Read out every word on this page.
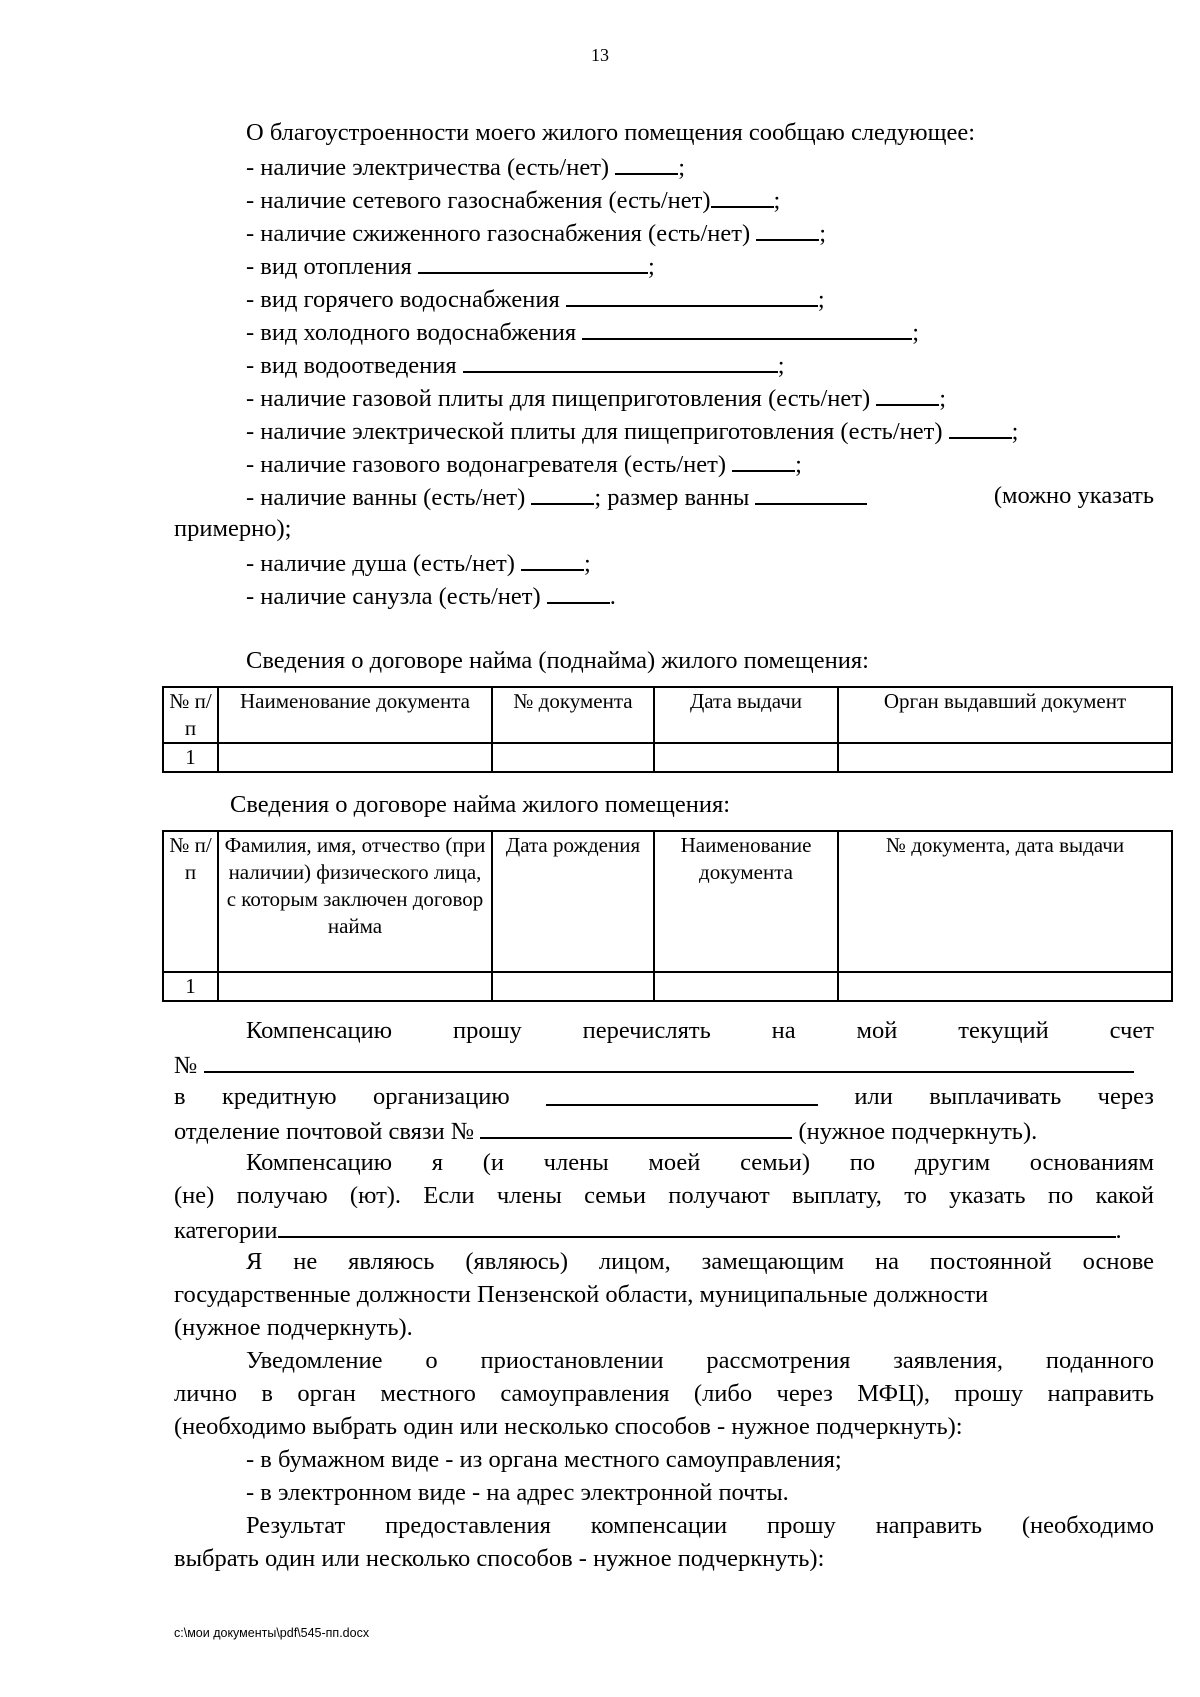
13
О благоустроенности моего жилого помещения сообщаю следующее:
- наличие электричества (есть/нет)	;
- наличие сетевого газоснабжения (есть/нет)	;
- наличие сжиженного газоснабжения (есть/нет)	;
- вид отопления	;
- вид горячего водоснабжения	;
- вид холодного водоснабжения	;
- вид водоотведения	;
- наличие газовой плиты для пищеприготовления (есть/нет)	;
- наличие электрической плиты для пищеприготовления (есть/нет)	;
- наличие газового водонагревателя (есть/нет)	;
- наличие ванны (есть/нет)	; размер ванны	(можно указать
примерно);
- наличие душа (есть/нет)	;
- наличие санузла (есть/нет)	.
Сведения о договоре найма (поднайма) жилого помещения:
№ п/п	Наименование документа	№ документа	Дата выдачи	Орган выдавший документ
1				
Сведения о договоре найма жилого помещения:
№ п/п	Фамилия, имя, отчество (при наличии) физического лица, с которым заключен договор найма	Дата рождения	Наименование документа	№ документа, дата выдачи
1				
Компенсацию прошу перечислять на мой текущий счет
№
в кредитную организацию	или выплачивать через
отделение почтовой связи №	(нужное подчеркнуть).
Компенсацию я (и члены моей семьи) по другим основаниям
(не) получаю (ют). Если члены семьи получают выплату, то указать по какой
категории	.
Я не являюсь (являюсь) лицом, замещающим на постоянной основе
государственные должности Пензенской области, муниципальные должности
(нужное подчеркнуть).
Уведомление о приостановлении рассмотрения заявления, поданного
лично в орган местного самоуправления (либо через МФЦ), прошу направить
(необходимо выбрать один или несколько способов - нужное подчеркнуть):
- в бумажном виде - из органа местного самоуправления;
- в электронном виде - на адрес электронной почты.
Результат предоставления компенсации прошу направить (необходимо
выбрать один или несколько способов - нужное подчеркнуть):
c:\мои документы\pdf\545-пп.docx
